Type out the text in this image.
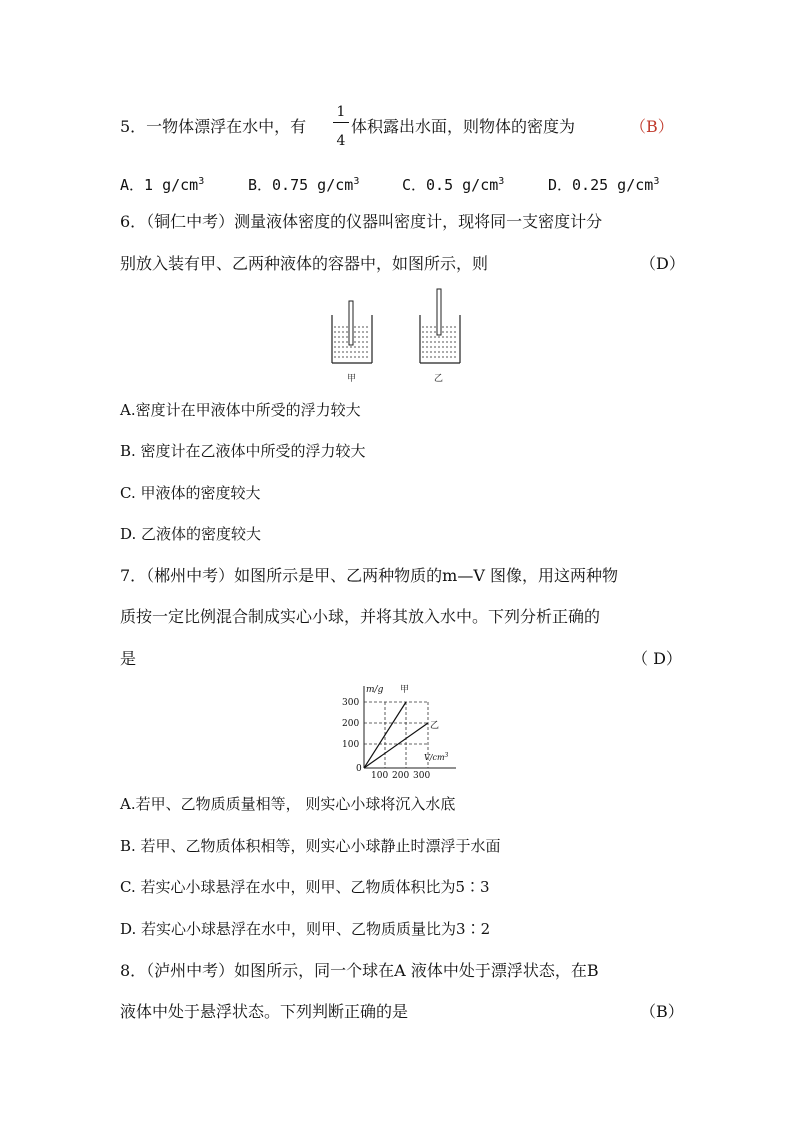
5．一物体漂浮在水中，有
1
4
体积露出水面，则物体的密度为	（B）
A．1 $g/cm^3$	B．0.75 $g/cm^3$	C．0.5 $g/cm^3$	D．0.25 $g/cm^3$
6．（铜仁中考）测量液体密度的仪器叫密度计，现将同一支密度计分
别放入装有甲、乙两种液体的容器中，如图所示，则	（D）
甲	乙
A.密度计在甲液体中所受的浮力较大
B. 密度计在乙液体中所受的浮力较大
C. 甲液体的密度较大
D. 乙液体的密度较大
7．（郴州中考）如图所示是甲、乙两种物质的m—V 图像，用这两种物
质按一定比例混合制成实心小球，并将其放入水中。下列分析正确的
是	（ D）
m/g 甲
乙
$V/cm^3$
0
100
200
300
100 200 300
A.若甲、乙物质质量相等， 则实心小球将沉入水底
B. 若甲、乙物质体积相等，则实心小球静止时漂浮于水面
C. 若实心小球悬浮在水中，则甲、乙物质体积比为5∶3
D. 若实心小球悬浮在水中，则甲、乙物质质量比为3∶2
8．（泸州中考）如图所示，同一个球在A 液体中处于漂浮状态，在B
液体中处于悬浮状态。下列判断正确的是	（B）
